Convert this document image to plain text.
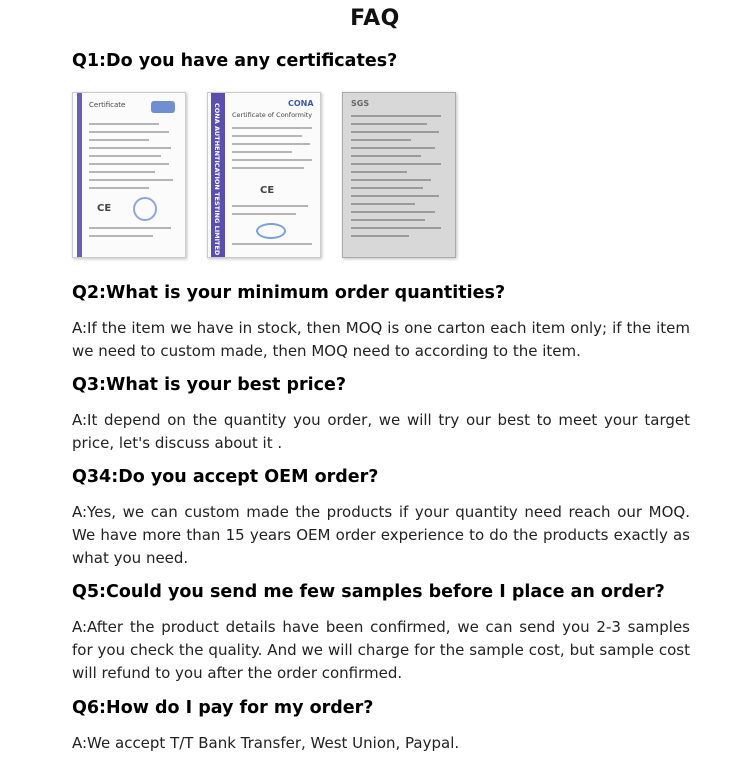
FAQ
Q1:Do you have any certificates?
Certificate
CE	CONA AUTHENTICATION TESTING LIMITED Certificate of Conformity
CONA
CE
SGS
Q2:What is your minimum order quantities?
A:If the item we have in stock, then MOQ is one carton each item only; if the item we need to custom made, then MOQ need to according to the item.
Q3:What is your best price?
A:It depend on the quantity you order, we will try our best to meet your target price, let's discuss about it .
Q34:Do you accept OEM order?
A:Yes, we can custom made the products if your quantity need reach our MOQ. We have more than 15 years OEM order experience to do the products exactly as what you need.
Q5:Could you send me few samples before I place an order?
A:After the product details have been confirmed, we can send you 2-3 samples for you check the quality. And we will charge for the sample cost, but sample cost will refund to you after the order confirmed.
Q6:How do I pay for my order?
A:We accept T/T Bank Transfer, West Union, Paypal.
